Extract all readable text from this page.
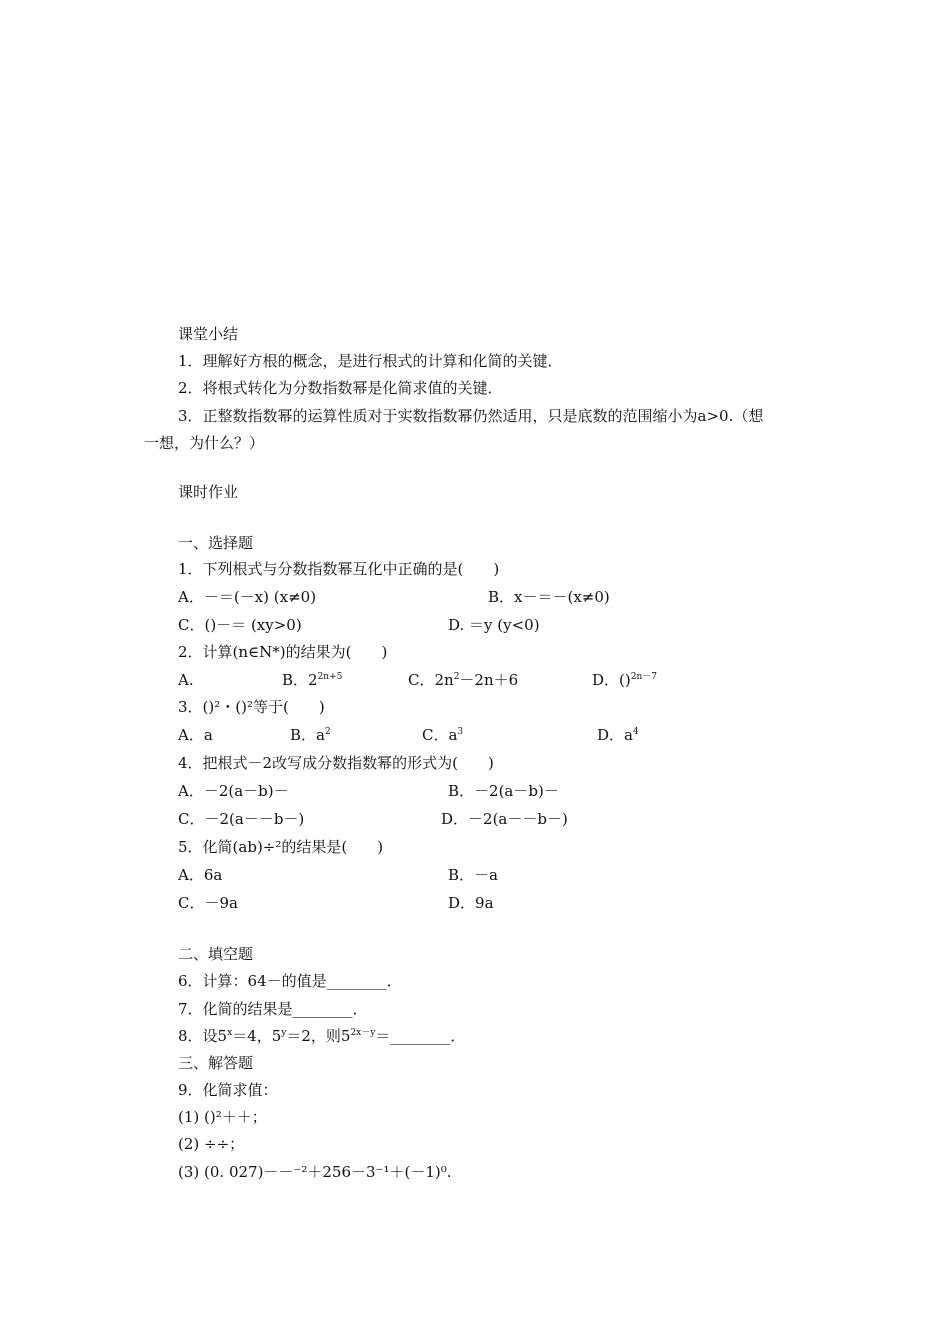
课堂小结
1．理解好方根的概念，是进行根式的计算和化简的关键．
2．将根式转化为分数指数幂是化简求值的关键．
3．正整数指数幂的运算性质对于实数指数幂仍然适用，只是底数的范围缩小为a>0.（想
一想，为什么？）
课时作业
一、选择题
1．下列根式与分数指数幂互化中正确的是(　　)
A．－＝(－x) (x≠0)	B．x－＝－(x≠0)
C．()－＝ (xy>0)	D. ＝y (y<0)
2．计算(n∈N*)的结果为(　　)
A.	B．$2^{2n+5}$	C．$2n^2-2n+6$	D．()$^{2n-7}$
3．()²・()²等于(　　)
A．a	B．$a^2$	C．$a^3$	D．$a^4$
4．把根式－2改写成分数指数幂的形式为(　　)
A．－2(a－b)－	B．－2(a－b)－
C．－2(a－－b－)	D．－2(a－－b－)
5．化简(ab)÷²的结果是(　　)
A．6a	B．－a
C．－9a	D．9a
二、填空题
6．计算：64－的值是________．
7．化简的结果是________．
8．设$5^x=4$，$5^y=2$，则$5^{2x-y}=\_\_\_\_\_\_\_\_$．
三、解答题
9．化简求值：
(1) ()²＋＋；
(2) ÷÷；
(3) (0. 027)－－⁻²＋256－3⁻¹＋(－1)⁰.
